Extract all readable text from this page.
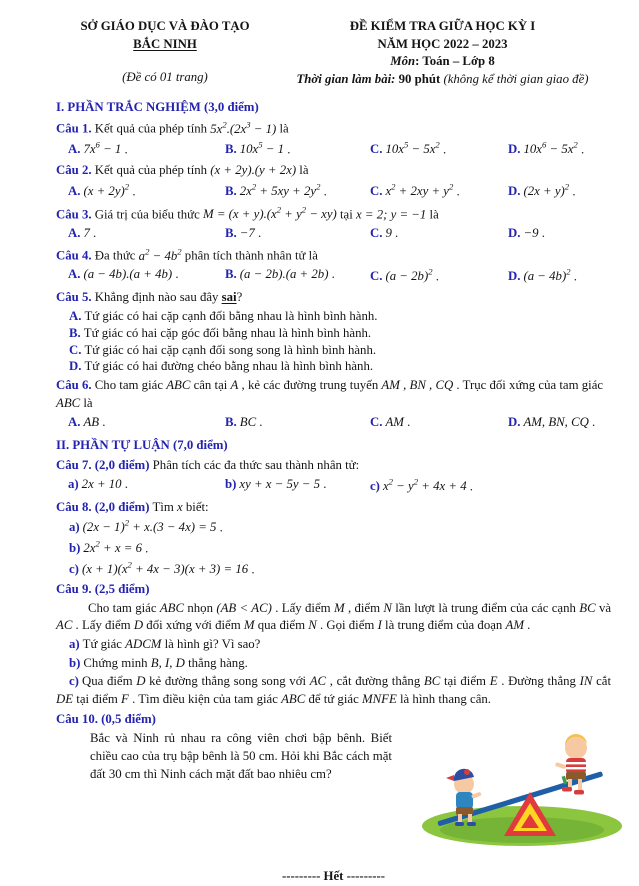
SỞ GIÁO DỤC VÀ ĐÀO TẠO
BẮC NINH
(Đề có 01 trang)
ĐỀ KIỂM TRA GIỮA HỌC KỲ I
NĂM HỌC 2022 – 2023
Môn: Toán – Lớp 8
Thời gian làm bài: 90 phút (không kể thời gian giao đề)
I. PHẦN TRẮC NGHIỆM (3,0 điểm)
Câu 1. Kết quả của phép tính $5x^2.(2x^3 - 1)$ là
A. $7x^6 - 1$ .	B. $10x^5 - 1$ .	C. $10x^5 - 5x^2$ .	D. $10x^6 - 5x^2$ .
Câu 2. Kết quả của phép tính (x + 2y).(y + 2x) là
A. $(x + 2y)^2$ .	B. $2x^2 + 5xy + 2y^2$ .	C. $x^2 + 2xy + y^2$ .	D. $(2x + y)^2$ .
Câu 3. Giá trị của biểu thức $M = (x + y).(x^2 + y^2 - xy)$ tại x = 2; y = −1 là
A. 7 .	B. −7 .	C. 9 .	D. −9 .
Câu 4. Đa thức $a^2 - 4b^2$ phân tích thành nhân tử là
A. (a − 4b).(a + 4b) .	B. (a − 2b).(a + 2b) .	C. $(a - 2b)^2$ .	D. $(a - 4b)^2$ .
Câu 5. Khẳng định nào sau đây sai?
A. Tứ giác có hai cặp cạnh đối bằng nhau là hình bình hành.
B. Tứ giác có hai cặp góc đối bằng nhau là hình bình hành.
C. Tứ giác có hai cặp cạnh đối song song là hình bình hành.
D. Tứ giác có hai đường chéo bằng nhau là hình bình hành.
Câu 6. Cho tam giác ABC cân tại A , kẻ các đường trung tuyến AM , BN , CQ . Trục đối xứng của tam giác ABC là
A. AB .	B. BC .	C. AM .	D. AM, BN, CQ .
II. PHẦN TỰ LUẬN (7,0 điểm)
Câu 7. (2,0 điểm) Phân tích các đa thức sau thành nhân tử:
a) 2x + 10 .	b) xy + x − 5y − 5 .	c) $x^2 - y^2 + 4x + 4$ .
Câu 8. (2,0 điểm) Tìm x biết:
a) $(2x - 1)^2 + x.(3 - 4x) = 5$ .
b) $2x^2 + x = 6$ .
c) $(x + 1)(x^2 + 4x - 3)(x + 3) = 16$ .
Câu 9. (2,5 điểm)
Cho tam giác ABC nhọn (AB < AC) . Lấy điểm M , điểm N lần lượt là trung điểm của các cạnh BC và AC . Lấy điểm D đối xứng với điểm M qua điểm N . Gọi điểm I là trung điểm của đoạn AM .
a) Tứ giác ADCM là hình gì? Vì sao?
b) Chứng minh B, I, D thẳng hàng.
c) Qua điểm D kẻ đường thẳng song song với AC , cắt đường thẳng BC tại điểm E . Đường thẳng IN cắt DE tại điểm F . Tìm điều kiện của tam giác ABC để tứ giác MNFE là hình thang cân.
Câu 10. (0,5 điểm)
Bắc và Ninh rủ nhau ra công viên chơi bập bênh. Biết chiều cao của trụ bập bênh là 50 cm. Hỏi khi Bắc cách mặt đất 30 cm thì Ninh cách mặt đất bao nhiêu cm?
--------- Hết ---------
